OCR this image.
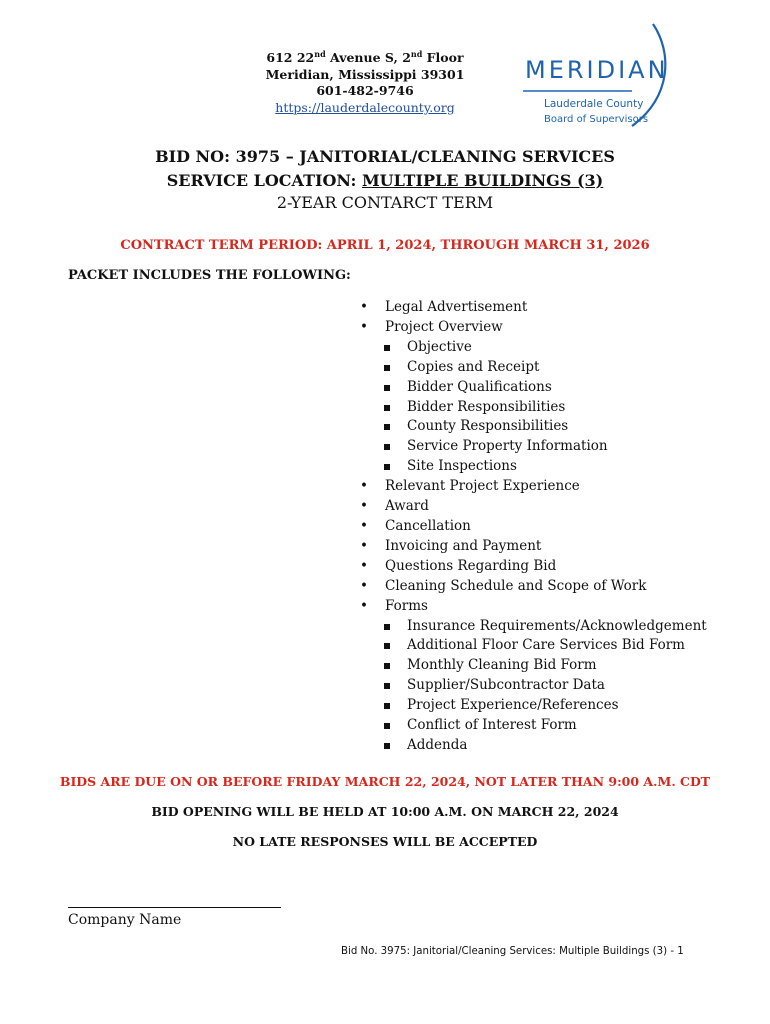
612 22nd Avenue S, 2nd Floor
Meridian, Mississippi 39301
601-482-9746
https://lauderdalecounty.org
MERIDIAN
Lauderdale County
Board of Supervisors
BID NO: 3975 – JANITORIAL/CLEANING SERVICES
SERVICE LOCATION: MULTIPLE BUILDINGS (3)
2-YEAR CONTARCT TERM
CONTRACT TERM PERIOD: APRIL 1, 2024, THROUGH MARCH 31, 2026
PACKET INCLUDES THE FOLLOWING:
• Legal Advertisement
• Project Overview
Objective
Copies and Receipt
Bidder Qualifications
Bidder Responsibilities
County Responsibilities
Service Property Information
Site Inspections
• Relevant Project Experience
• Award
• Cancellation
• Invoicing and Payment
• Questions Regarding Bid
• Cleaning Schedule and Scope of Work
• Forms
Insurance Requirements/Acknowledgement
Additional Floor Care Services Bid Form
Monthly Cleaning Bid Form
Supplier/Subcontractor Data
Project Experience/References
Conflict of Interest Form
Addenda
BIDS ARE DUE ON OR BEFORE FRIDAY MARCH 22, 2024, NOT LATER THAN 9:00 A.M. CDT
BID OPENING WILL BE HELD AT 10:00 A.M. ON MARCH 22, 2024
NO LATE RESPONSES WILL BE ACCEPTED
Company Name
Bid No. 3975: Janitorial/Cleaning Services: Multiple Buildings (3) - 1
